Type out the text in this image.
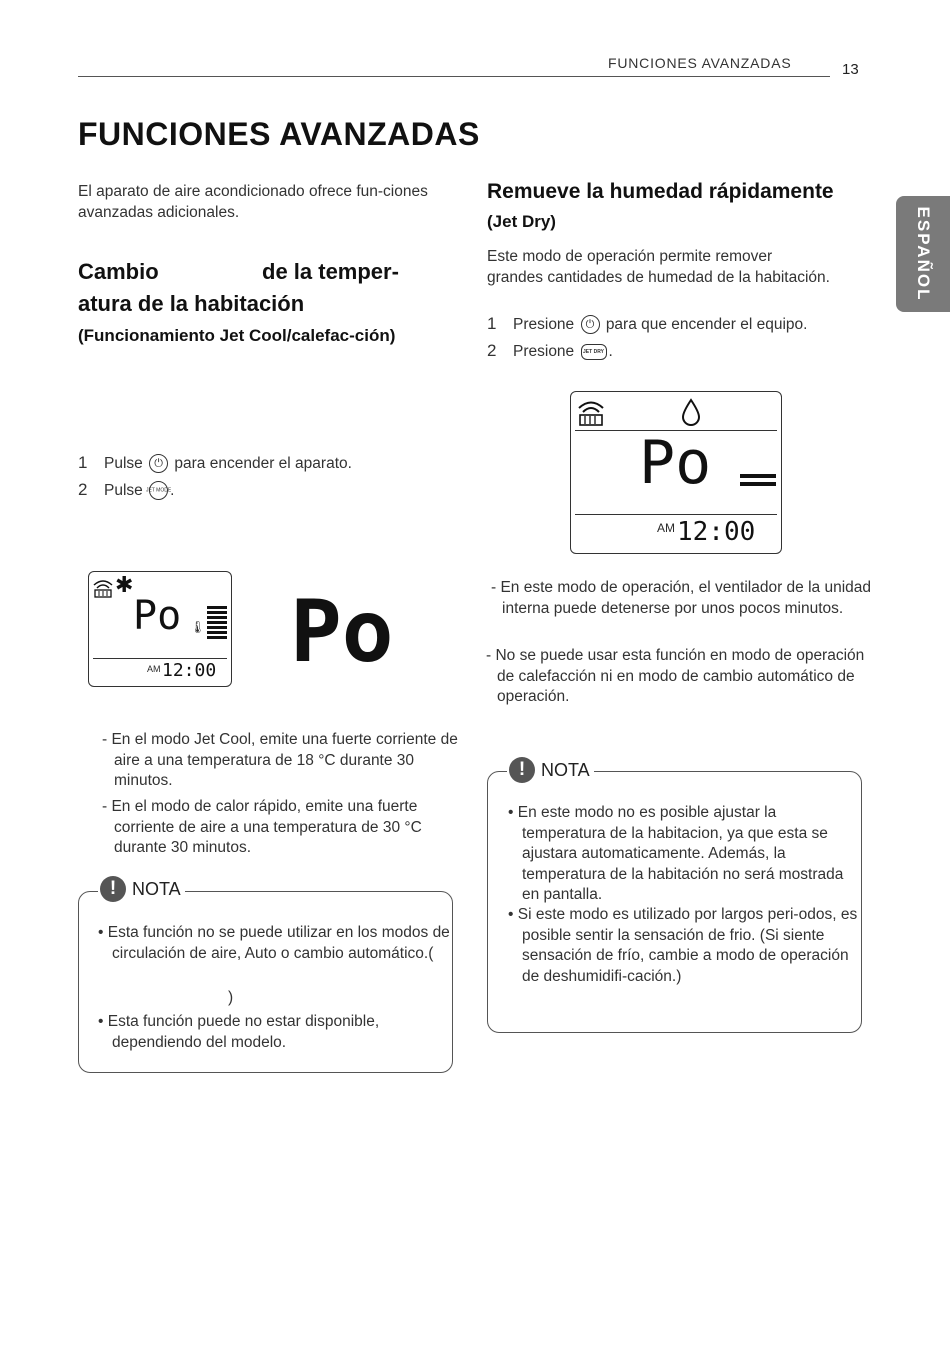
FUNCIONES AVANZADAS	13
ESPAÑOL
FUNCIONES AVANZADAS
El aparato de aire acondicionado ofrece fun-ciones avanzadas adicionales.
Cambio	de la temper-
atura de la habitación
(Funcionamiento Jet Cool/calefac-ción)
1 Pulse ⏻ para encender el aparato.
2 Pulse JET MODE
.
✱
Po 🌡
AM 12:00 Po
- En el modo Jet Cool, emite una fuerte corriente de aire a una temperatura de 18 °C durante 30 minutos.
- En el modo de calor rápido, emite una fuerte corriente de aire a una temperatura de 30 °C durante 30 minutos.
! NOTA
• Esta función no se puede utilizar en los modos de circulación de aire, Auto o cambio automático.(
)
• Esta función puede no estar disponible, dependiendo del modelo.
Remueve la humedad rápidamente
(Jet Dry)
Este modo de operación permite remover grandes cantidades de humedad de la habitación.
1 Presione ⏻ para que encender el equipo.
2 Presione JET DRY .
Po
AM 12:00
- En este modo de operación, el ventilador de la unidad interna puede detenerse por unos pocos minutos.
- No se puede usar esta función en modo de operación de calefacción ni en modo de cambio automático de operación.
! NOTA
• En este modo no es posible ajustar la temperatura de la habitacion, ya que esta se ajustara automaticamente. Además, la temperatura de la habitación no será mostrada en pantalla.
• Si este modo es utilizado por largos peri-odos, es posible sentir la sensación de frio. (Si siente sensación de frío, cambie a modo de operación de deshumidifi-cación.)
